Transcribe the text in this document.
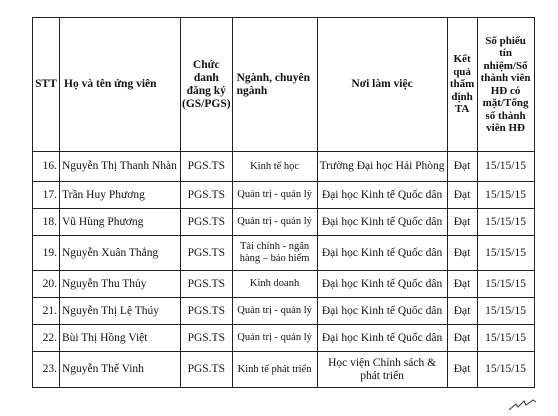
STT	Họ và tên ứng viên	Chức danh đăng ký (GS/PGS)	Ngành, chuyên ngành	Nơi làm việc	Kết quả thẩm định TA	Số phiếu tín nhiệm/Số thành viên HĐ có mặt/Tổng số thành viên HĐ
16.	Nguyễn Thị Thanh Nhàn	PGS.TS	Kinh tế học	Trường Đại học Hải Phòng	Đạt	15/15/15
17.	Trần Huy Phương	PGS.TS	Quản trị - quản lý	Đại học Kinh tế Quốc dân	Đạt	15/15/15
18.	Vũ Hùng Phương	PGS.TS	Quản trị - quản lý	Đại học Kinh tế Quốc dân	Đạt	15/15/15
19.	Nguyễn Xuân Thắng	PGS.TS	Tài chính - ngân hàng – bảo hiểm	Đại học Kinh tế Quốc dân	Đạt	15/15/15
20.	Nguyễn Thu Thủy	PGS.TS	Kinh doanh	Đại học Kinh tế Quốc dân	Đạt	15/15/15
21.	Nguyễn Thị Lệ Thúy	PGS.TS	Quản trị - quản lý	Đại học Kinh tế Quốc dân	Đạt	15/15/15
22.	Bùi Thị Hồng Việt	PGS.TS	Quản trị - quản lý	Đại học Kinh tế Quốc dân	Đạt	15/15/15
23.	Nguyễn Thế Vinh	PGS.TS	Kinh tế phát triển	Học viện Chính sách & phát triển	Đạt	15/15/15
